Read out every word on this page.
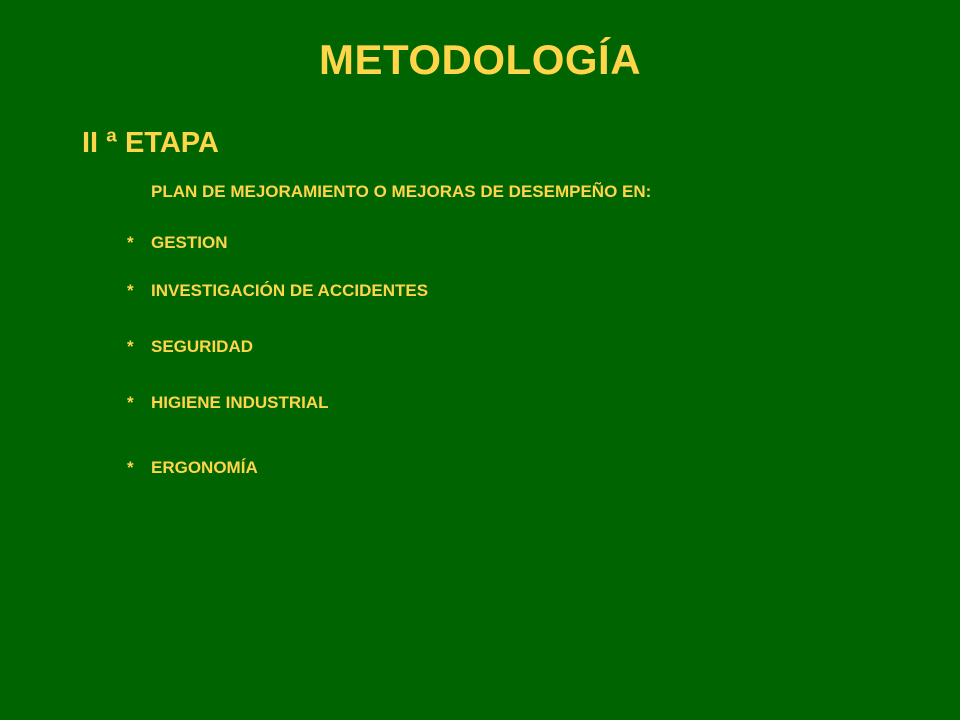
METODOLOGÍA
II ª ETAPA
PLAN DE MEJORAMIENTO O MEJORAS DE DESEMPEÑO EN:
* GESTION
* INVESTIGACIÓN DE ACCIDENTES
* SEGURIDAD
* HIGIENE INDUSTRIAL
* ERGONOMÍA
